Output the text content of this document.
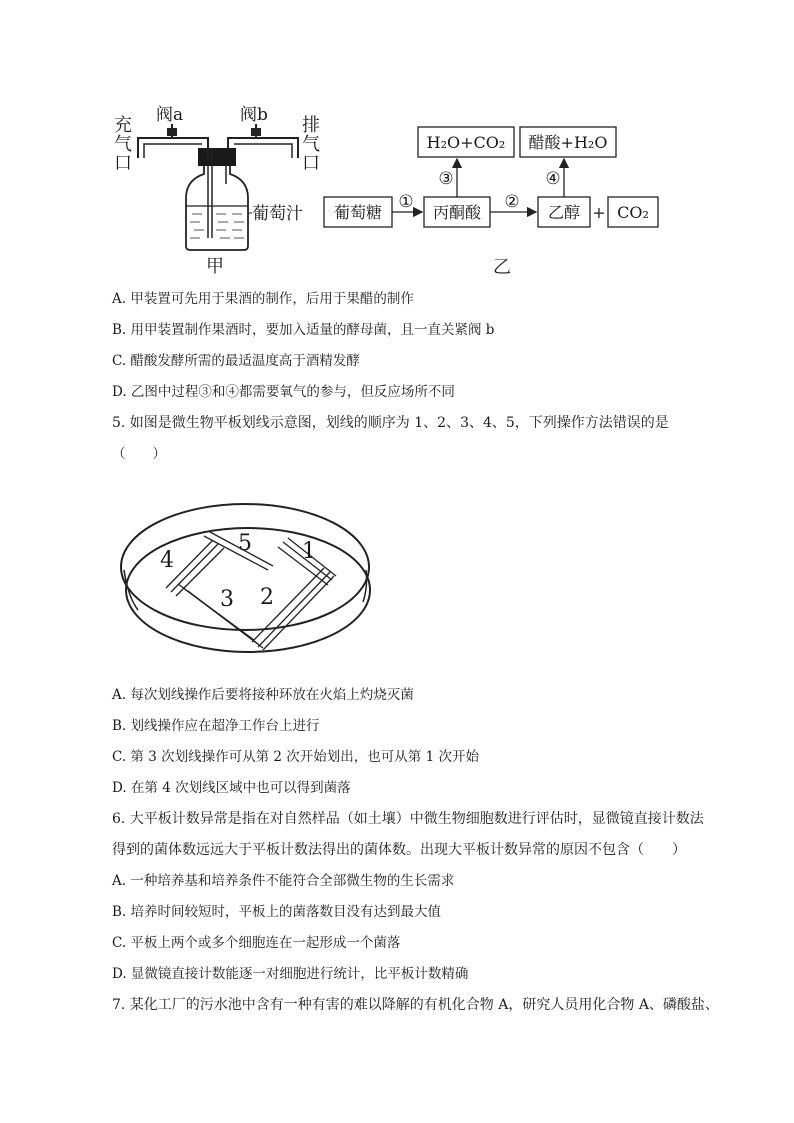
阀a	阀b
葡萄汁
甲
充气口
排气口
葡萄糖	丙酮酸	乙醇 + CO₂
H₂O+CO₂ 醋酸+H₂O
①	②
③	④
乙
A. 甲装置可先用于果酒的制作，后用于果醋的制作
B. 用甲装置制作果酒时，要加入适量的酵母菌，且一直关紧阀 b
C. 醋酸发酵所需的最适温度高于酒精发酵
D. 乙图中过程③和④都需要氧气的参与，但反应场所不同
5. 如图是微生物平板划线示意图，划线的顺序为 1、2、3、4、5，下列操作方法错误的是
（　　）
1
2
3
4
5
A. 每次划线操作后要将接种环放在火焰上灼烧灭菌
B. 划线操作应在超净工作台上进行
C. 第 3 次划线操作可从第 2 次开始划出，也可从第 1 次开始
D. 在第 4 次划线区域中也可以得到菌落
6. 大平板计数异常是指在对自然样品（如土壤）中微生物细胞数进行评估时，显微镜直接计数法
得到的菌体数远远大于平板计数法得出的菌体数。出现大平板计数异常的原因不包含（　　）
A. 一种培养基和培养条件不能符合全部微生物的生长需求
B. 培养时间较短时，平板上的菌落数目没有达到最大值
C. 平板上两个或多个细胞连在一起形成一个菌落
D. 显微镜直接计数能逐一对细胞进行统计，比平板计数精确
7. 某化工厂的污水池中含有一种有害的难以降解的有机化合物 A，研究人员用化合物 A、磷酸盐、
